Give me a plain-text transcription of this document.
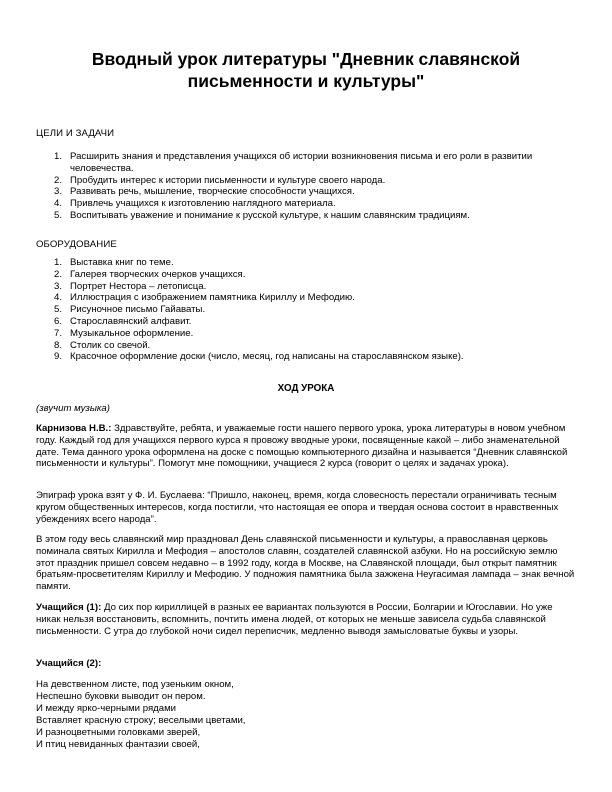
Вводный урок литературы "Дневник славянской письменности и культуры"
ЦЕЛИ И ЗАДАЧИ
1. Расширить знания и представления учащихся об истории возникновения письма и его роли в развитии человечества.
2. Пробудить интерес к истории письменности и культуре своего народа.
3. Развивать речь, мышление, творческие способности учащихся.
4. Привлечь учащихся к изготовлению наглядного материала.
5. Воспитывать уважение и понимание к русской культуре, к нашим славянским традициям.
ОБОРУДОВАНИЕ
1. Выставка книг по теме.
2. Галерея творческих очерков учащихся.
3. Портрет Нестора – летописца.
4. Иллюстрация с изображением памятника Кириллу и Мефодию.
5. Рисуночное письмо Гайаваты.
6. Старославянский алфавит.
7. Музыкальное оформление.
8. Столик со свечой.
9. Красочное оформление доски (число, месяц, год написаны на старославянском языке).
ХОД УРОКА

(звучит музыка)

Карнизова Н.В.: Здравствуйте, ребята, и уважаемые гости нашего первого урока, урока литературы в новом учебном году. Каждый год для учащихся первого курса я провожу вводные уроки, посвященные какой – либо знаменательной дате. Тема данного урока оформлена на доске с помощью компьютерного дизайна и называется “Дневник славянской письменности и культуры”. Помогут мне помощники, учащиеся 2 курса (говорит о целях и задачах урока).

Эпиграф урока взят у Ф. И. Буслаева: “Пришло, наконец, время, когда словесность перестали ограничивать тесным кругом общественных интересов, когда постигли, что настоящая ее опора и твердая основа состоит в нравственных убеждениях всего народа”.

В этом году весь славянский мир праздновал День славянской письменности и культуры, а православная церковь поминала святых Кирилла и Мефодия – апостолов славян, создателей славянской азбуки. Но на российскую землю этот праздник пришел совсем недавно – в 1992 году, когда в Москве, на Славянской площади, был открыт памятник братьям-просветителям Кириллу и Мефодию. У подножия памятника была зажжена Неугасимая лампада – знак вечной памяти.

Учащийся (1): До сих пор кириллицей в разных ее вариантах пользуются в России, Болгарии и Югославии. Но уже никак нельзя восстановить, вспомнить, почтить имена людей, от которых не меньше зависела судьба славянской письменности. С утра до глубокой ночи сидел переписчик, медленно выводя замысловатые буквы и узоры.

Учащийся (2):

На девственном листе, под узеньким окном,
Неспешно буковки выводит он пером.
И между ярко-черными рядами
Вставляет красную строку; веселыми цветами,
И разноцветными головками зверей,
И птиц невиданных фантазии своей,
